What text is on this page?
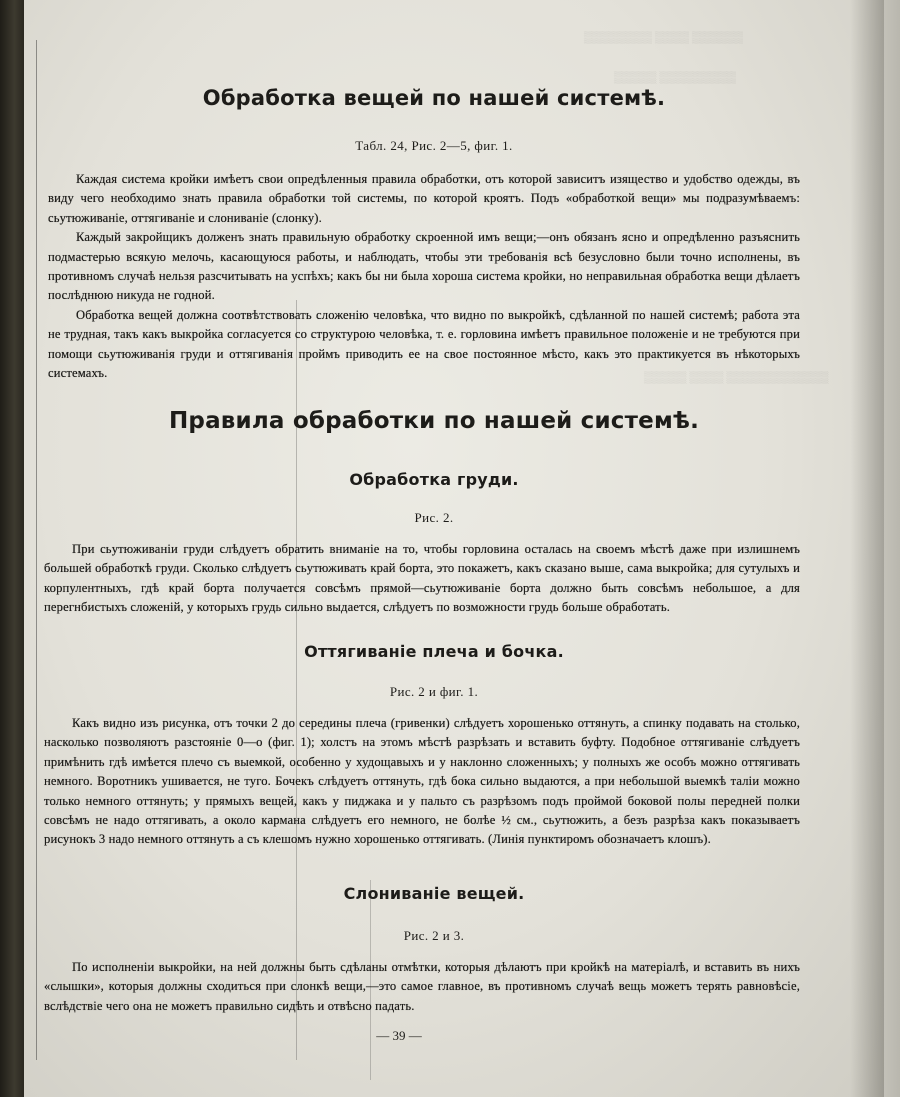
▒▒▒▒▒▒ ▒▒▒▒ ▒▒▒▒▒▒▒▒
▒▒▒▒▒▒▒▒▒ ▒▒▒▒▒
▒▒▒▒▒▒▒▒▒▒▒▒ ▒▒▒▒ ▒▒▒▒▒
Обработка вещей по нашей системѣ.
Табл. 24, Рис. 2—5, фиг. 1.

Каждая система кройки имѣетъ свои опредѣленныя правила обработки, отъ которой зависитъ изящество и удобство одежды, въ виду чего необходимо знать правила обработки той системы, по которой кроятъ. Подъ «обработкой вещи» мы подразумѣваемъ: сьутюживаніе, оттягиваніе и слониваніе (слонку).

Каждый закройщикъ долженъ знать правильную обработку скроенной имъ вещи;—онъ обязанъ ясно и опредѣленно разъяснить подмастерью всякую мелочь, касающуюся работы, и наблюдать, чтобы эти требованія всѣ безусловно были точно исполнены, въ противномъ случаѣ нельзя разсчитывать на успѣхъ; какъ бы ни была хороша система кройки, но неправильная обработка вещи дѣлаетъ послѣднюю никуда не годной.

Обработка вещей должна соотвѣтствовать сложенію человѣка, что видно по выкройкѣ, сдѣланной по нашей системѣ; работа эта не трудная, такъ какъ выкройка согласуется со структурою человѣка, т. е. горловина имѣетъ правильное положеніе и не требуются при помощи сьутюживанія груди и оттягиванія проймъ приводить ее на свое постоянное мѣсто, какъ это практикуется въ нѣкоторыхъ системахъ.

Правила обработки по нашей системѣ.
Обработка груди.
Рис. 2.

При сьутюживаніи груди слѣдуетъ обратить вниманіе на то, чтобы горловина осталась на своемъ мѣстѣ даже при излишнемъ большей обработкѣ груди. Сколько слѣдуетъ сьутюживать край борта, это покажетъ, какъ сказано выше, сама выкройка; для сутулыхъ и корпулентныхъ, гдѣ край борта получается совсѣмъ прямой—сьутюживаніе борта должно быть совсѣмъ небольшое, а для перегнбистыхъ сложеній, у которыхъ грудь сильно выдается, слѣдуетъ по возможности грудь больше обработать.

Оттягиваніе плеча и бочка.
Рис. 2 и фиг. 1.

Какъ видно изъ рисунка, отъ точки 2 до середины плеча (гривенки) слѣдуетъ хорошенько оттянуть, а спинку подавать на столько, насколько позволяютъ разстояніе 0—о (фиг. 1); холстъ на этомъ мѣстѣ разрѣзать и вставить буфту. Подобное оттягиваніе слѣдуетъ примѣнить гдѣ имѣется плечо съ выемкой, особенно у худощавыхъ и у наклонно сложенныхъ; у полныхъ же особъ можно оттягивать немного. Воротникъ ушивается, не туго. Бочекъ слѣдуетъ оттянуть, гдѣ бока сильно выдаются, а при небольшой выемкѣ таліи можно только немного оттянуть; у прямыхъ вещей, какъ у пиджака и у пальто съ разрѣзомъ подъ проймой боковой полы передней полки совсѣмъ не надо оттягивать, а около кармана слѣдуетъ его немного, не болѣе ½ см., сьутюжить, а безъ разрѣза какъ показываетъ рисунокъ 3 надо немного оттянуть а съ клешомъ нужно хорошенько оттягивать. (Линія пунктиромъ обозначаетъ клошъ).

Слониваніе вещей.
Рис. 2 и 3.

По исполненіи выкройки, на ней должны быть сдѣланы отмѣтки, которыя дѣлаютъ при кройкѣ на матеріалѣ, и вставить въ нихъ «слышки», которыя должны сходиться при слонкѣ вещи,—это самое главное, въ противномъ случаѣ вещь можетъ терять равновѣсіе, вслѣдствіе чего она не можетъ правильно сидѣть и отвѣсно падать.

— 39 —
